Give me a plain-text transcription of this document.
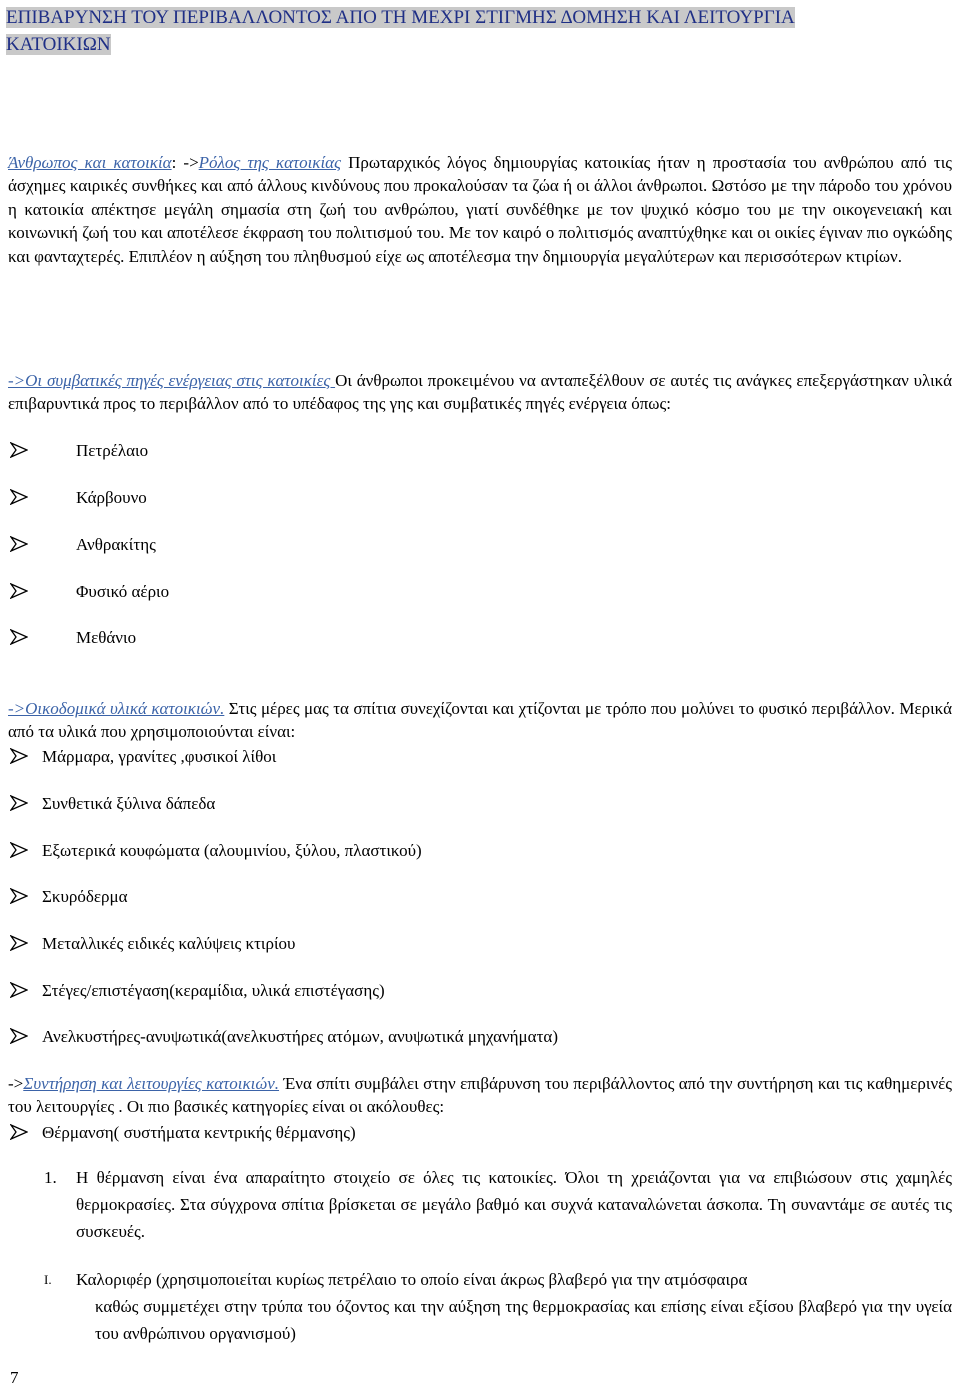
ΕΠΙΒΑΡΥΝΣΗ ΤΟΥ ΠΕΡΙΒΑΛΛΟΝΤΟΣ ΑΠΟ ΤΗ ΜΕΧΡΙ ΣΤΙΓΜΗΣ ΔΟΜΗΣΗ ΚΑΙ ΛΕΙΤΟΥΡΓΙΑ
ΚΑΤΟΙΚΙΩΝ
Άνθρωπος και κατοικία: ->Ρόλος της κατοικίας Πρωταρχικός λόγος δημιουργίας κατοικίας ήταν η προστασία του ανθρώπου από τις άσχημες καιρικές συνθήκες και από άλλους κινδύνους που προκαλούσαν τα ζώα ή οι άλλοι άνθρωποι. Ωστόσο με την πάροδο του χρόνου η κατοικία απέκτησε μεγάλη σημασία στη ζωή του ανθρώπου, γιατί συνδέθηκε με τον ψυχικό κόσμο του με την οικογενειακή και κοινωνική ζωή του και αποτέλεσε έκφραση του πολιτισμού του. Με τον καιρό ο πολιτισμός αναπτύχθηκε και οι οικίες έγιναν πιο ογκώδης και φανταχτερές. Επιπλέον η αύξηση του πληθυσμού είχε ως αποτέλεσμα την δημιουργία μεγαλύτερων και περισσότερων κτιρίων.
->Οι συμβατικές πηγές ενέργειας στις κατοικίες Οι άνθρωποι προκειμένου να ανταπεξέλθουν σε αυτές τις ανάγκες επεξεργάστηκαν υλικά επιβαρυντικά προς το περιβάλλον από το υπέδαφος της γης και συμβατικές πηγές ενέργεια όπως:
Πετρέλαιο
Κάρβουνο
Ανθρακίτης
Φυσικό αέριο
Μεθάνιο
->Οικοδομικά υλικά κατοικιών. Στις μέρες μας τα σπίτια συνεχίζονται και χτίζονται με τρόπο που μολύνει το φυσικό περιβάλλον. Μερικά από τα υλικά που χρησιμοποιούνται είναι:
Μάρμαρα, γρανίτες ,φυσικοί λίθοι
Συνθετικά ξύλινα δάπεδα
Εξωτερικά κουφώματα (αλουμινίου, ξύλου, πλαστικού)
Σκυρόδερμα
Μεταλλικές ειδικές καλύψεις κτιρίου
Στέγες/επιστέγαση(κεραμίδια, υλικά επιστέγασης)
Ανελκυστήρες-ανυψωτικά(ανελκυστήρες ατόμων, ανυψωτικά μηχανήματα)
->Συντήρηση και λειτουργίες κατοικιών. Ένα σπίτι συμβάλει στην επιβάρυνση του περιβάλλοντος από την συντήρηση και τις καθημερινές του λειτουργίες . Οι πιο βασικές κατηγορίες είναι οι ακόλουθες:
Θέρμανση( συστήματα κεντρικής θέρμανσης)
1. Η θέρμανση είναι ένα απαραίτητο στοιχείο σε όλες τις κατοικίες. Όλοι τη χρειάζονται για να επιβιώσουν στις χαμηλές θερμοκρασίες. Στα σύγχρονα σπίτια βρίσκεται σε μεγάλο βαθμό και συχνά καταναλώνεται άσκοπα. Τη συναντάμε σε αυτές τις συσκευές.
I. Καλοριφέρ (χρησιμοποιείται κυρίως πετρέλαιο το οποίο είναι άκρως βλαβερό για την ατμόσφαιρα
καθώς συμμετέχει στην τρύπα του όζοντος και την αύξηση της θερμοκρασίας και επίσης είναι εξίσου βλαβερό για την υγεία του ανθρώπινου οργανισμού)
7
